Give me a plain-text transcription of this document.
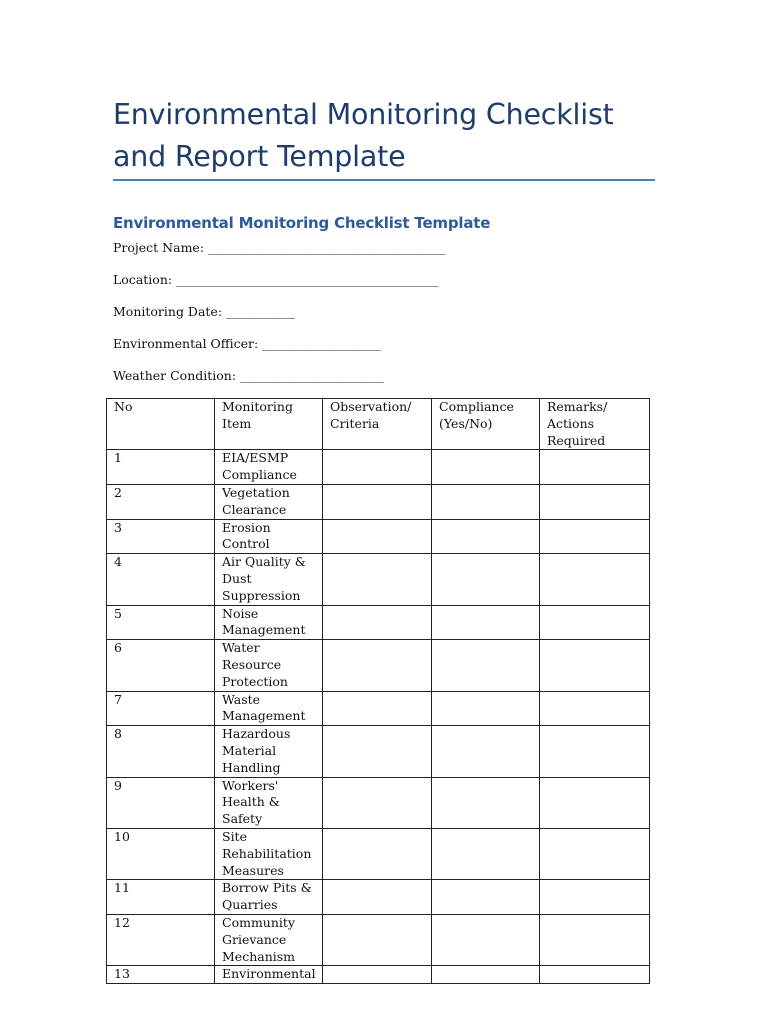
Environmental Monitoring Checklist
and Report Template
Environmental Monitoring Checklist Template
Project Name: ______________________________________
Location: __________________________________________
Monitoring Date: ___________
Environmental Officer: ___________________
Weather Condition: _______________________
No	Monitoring Item	Observation/ Criteria	Compliance (Yes/No)	Remarks/ Actions Required
1	EIA/ESMP Compliance			
2	Vegetation Clearance			
3	Erosion Control			
4	Air Quality & Dust Suppression			
5	Noise Management			
6	Water Resource Protection			
7	Waste Management			
8	Hazardous Material Handling			
9	Workers' Health & Safety			
10	Site Rehabilitation Measures			
11	Borrow Pits & Quarries			
12	Community Grievance Mechanism			
13	Environmental			
